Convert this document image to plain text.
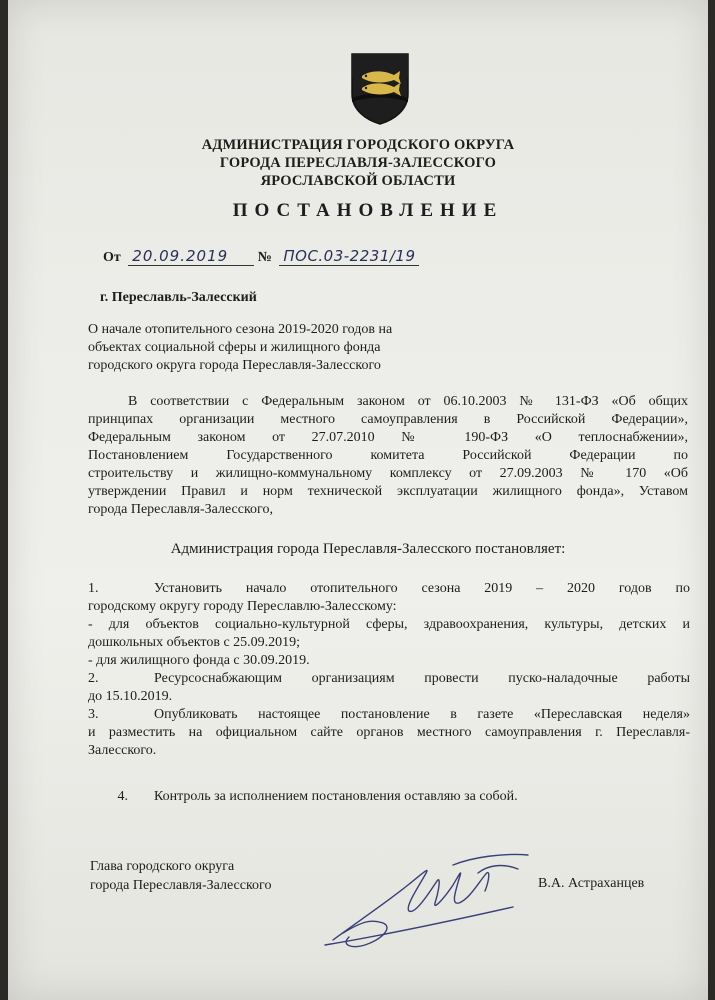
АДМИНИСТРАЦИЯ ГОРОДСКОГО ОКРУГА
ГОРОДА ПЕРЕСЛАВЛЯ-ЗАЛЕССКОГО
ЯРОСЛАВСКОЙ ОБЛАСТИ
ПОСТАНОВЛЕНИЕ
От 20.09.2019 № ПОС.03-2231/19
г. Переславль-Залесский
О начале отопительного сезона 2019-2020 годов на
объектах социальной сферы и жилищного фонда
городского округа города Переславля-Залесского
В соответствии с Федеральным законом от 06.10.2003 № 131-ФЗ «Об общих
принципах организации местного самоуправления в Российской Федерации»,
Федеральным законом от 27.07.2010 № 190-ФЗ «О теплоснабжении»,
Постановлением Государственного комитета Российской Федерации по
строительству и жилищно-коммунальному комплексу от 27.09.2003 № 170 «Об
утверждении Правил и норм технической эксплуатации жилищного фонда», Уставом
города Переславля-Залесского,
Администрация города Переславля-Залесского постановляет:
1.	Установить начало отопительного сезона 2019 – 2020 годов по
городскому округу городу Переславлю-Залесскому:
- для объектов социально-культурной сферы, здравоохранения, культуры, детских и
дошкольных объектов с 25.09.2019;
- для жилищного фонда с 30.09.2019.
2.	Ресурсоснабжающим организациям провести пуско-наладочные работы
до 15.10.2019.
3.	Опубликовать настоящее постановление в газете «Переславская неделя»
и разместить на официальном сайте органов местного самоуправления г. Переславля-
Залесского.
4. Контроль за исполнением постановления оставляю за собой.
Глава городского округа
города Переславля-Залесского	В.А. Астраханцев
